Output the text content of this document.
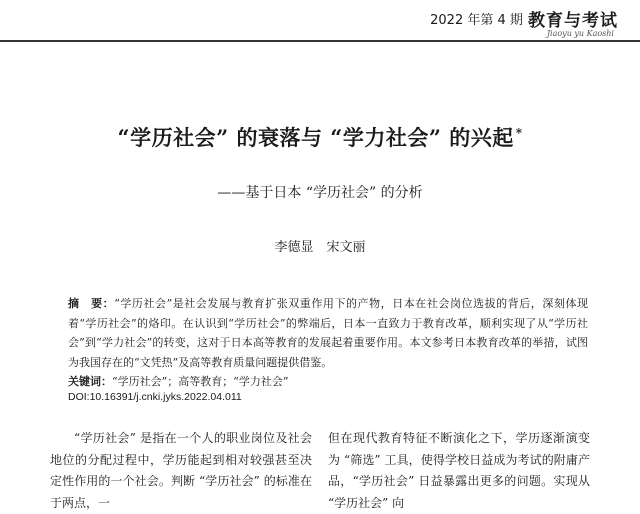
2022 年第 4 期 教育与考试
Jiaoyu yu Kaoshi
“学历社会” 的衰落与 “学力社会” 的兴起 *
——基于日本 “学历社会” 的分析
李德显　宋文丽
摘　要：“学历社会”是社会发展与教育扩张双重作用下的产物，日本在社会岗位选拔的背后，深刻体现着“学历社会”的烙印。在认识到“学历社会”的弊端后，日本一直致力于教育改革，顺利实现了从“学历社会”到“学力社会”的转变，这对于日本高等教育的发展起着重要作用。本文参考日本教育改革的举措，试图为我国存在的“文凭热”及高等教育质量问题提供借鉴。
关键词：“学历社会”；高等教育；“学力社会”
DOI:10.16391/j.cnki.jyks.2022.04.011
“学历社会” 是指在一个人的职业岗位及社会地位的分配过程中，学历能起到相对较强甚至决定性作用的一个社会。判断 “学历社会” 的标准在于两点，一
但在现代教育特征不断演化之下，学历逐渐演变为 “筛选” 工具，使得学校日益成为考试的附庸产品，“学历社会” 日益暴露出更多的问题。实现从 “学历社会” 向
